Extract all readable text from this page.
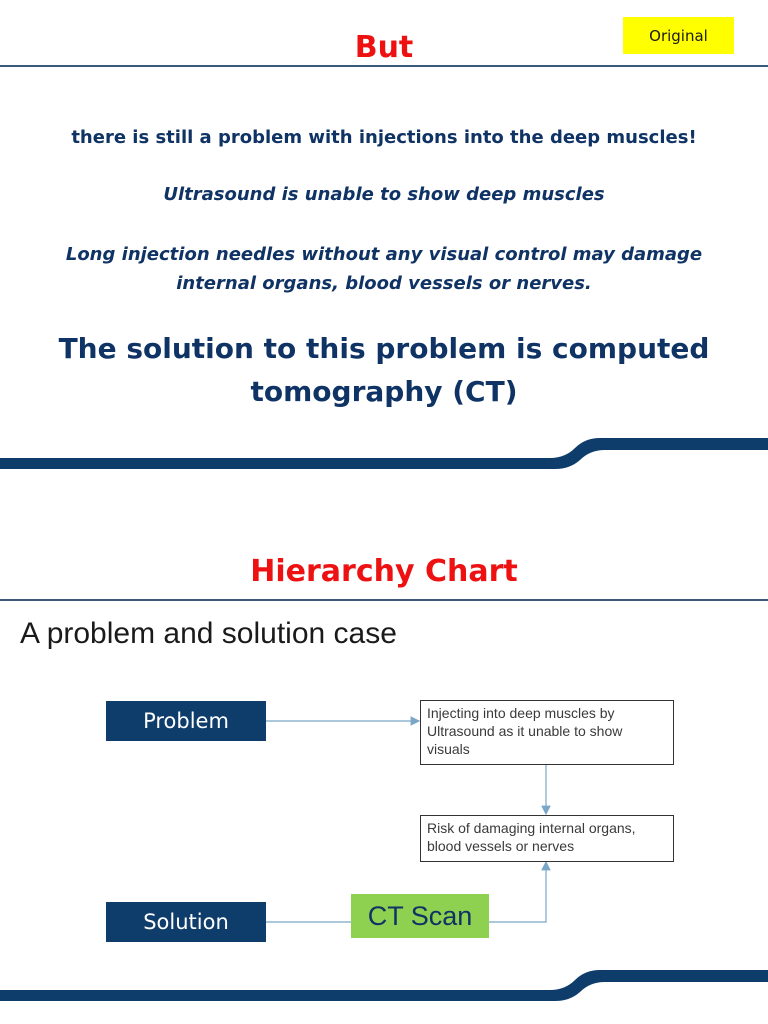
But	Original
there is still a problem with injections into the deep muscles!
Ultrasound is unable to show deep muscles
Long injection needles without any visual control may damage internal organs, blood vessels or nerves.
The solution to this problem is computed tomography (CT)
Hierarchy Chart
A problem and solution case
Problem	Injecting into deep muscles by Ultrasound as it unable to show visuals
Risk of damaging internal organs, blood vessels or nerves
Solution	CT Scan
